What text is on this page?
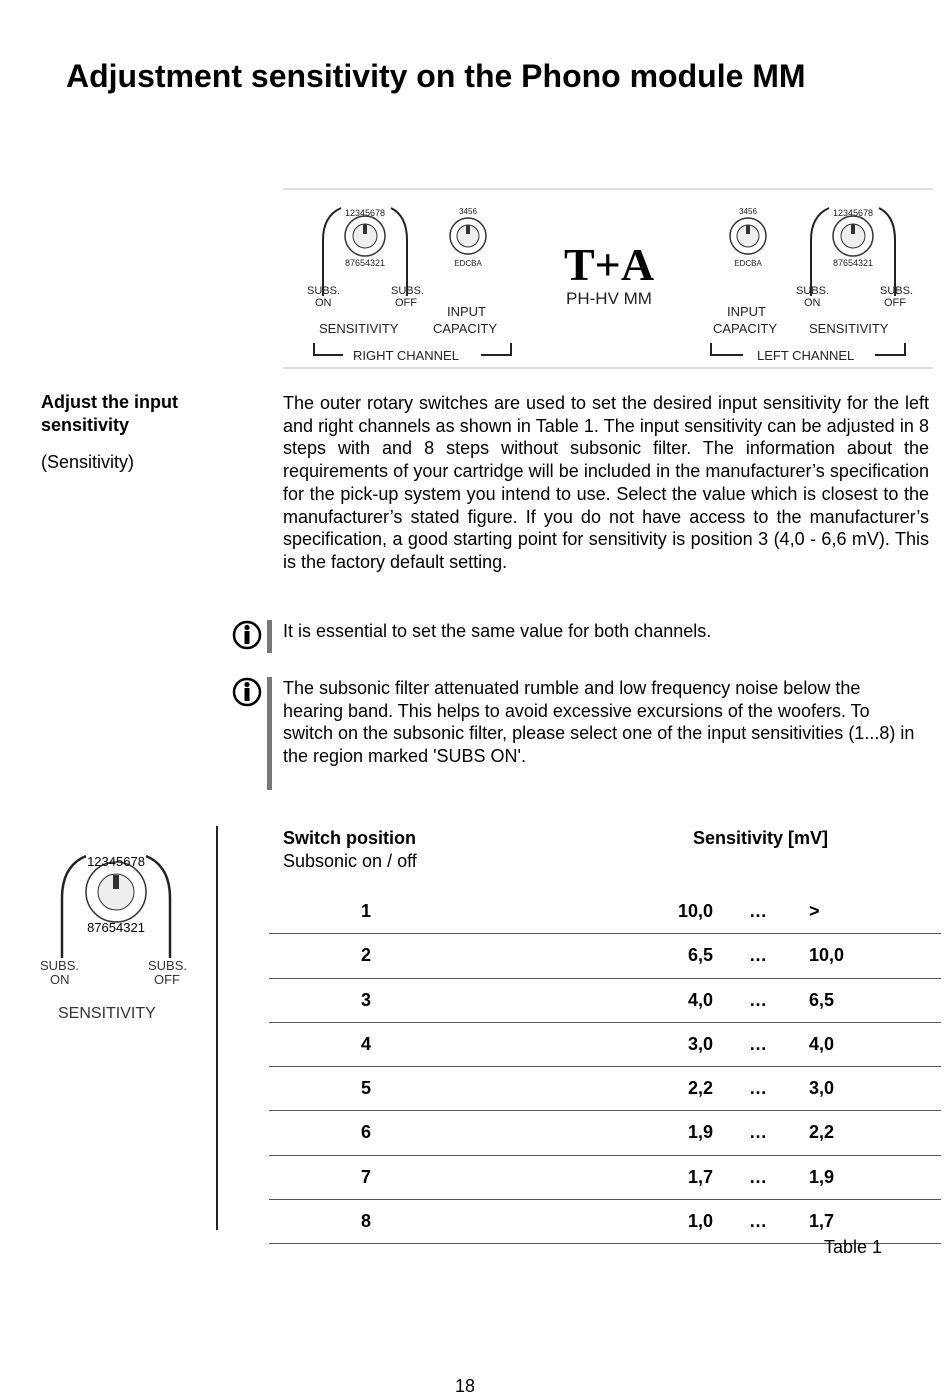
Adjustment sensitivity on the Phono module MM
12345678
87654321
SUBS.
ON
SUBS.
OFF
SENSITIVITY
3456
EDCBA
INPUT
CAPACITY
RIGHT CHANNEL
T+A
PH-HV MM
3456
EDCBA
INPUT
CAPACITY
12345678
87654321
SUBS.
ON
SUBS.
OFF
SENSITIVITY
LEFT CHANNEL
Adjust the input sensitivity
(Sensitivity)
The outer rotary switches are used to set the desired input sensitivity for the left and right channels as shown in Table 1. The input sensitivity can be adjusted in 8 steps with and 8 steps without subsonic filter. The information about the requirements of your cartridge will be included in the manufacturer’s specification for the pick-up system you intend to use. Select the value which is closest to the manufacturer’s stated figure. If you do not have access to the manufacturer’s specification, a good starting point for sensitivity is position 3 (4,0 - 6,6 mV). This is the factory default setting.
It is essential to set the same value for both channels.
The subsonic filter attenuated rumble and low frequency noise below the hearing band. This helps to avoid excessive excursions of the woofers. To switch on the subsonic filter, please select one of the input sensitivities (1...8) in the region marked 'SUBS ON'.
12345678
87654321
SUBS.
ON
SUBS.
OFF
SENSITIVITY
Switch position
Subsonic on / off
Sensitivity [mV]
1	10,0 … >
2	6,5 … 10,0
3	4,0 … 6,5
4	3,0 … 4,0
5	2,2 … 3,0
6	1,9 … 2,2
7	1,7 … 1,9
8	1,0 … 1,7
Table 1
18
